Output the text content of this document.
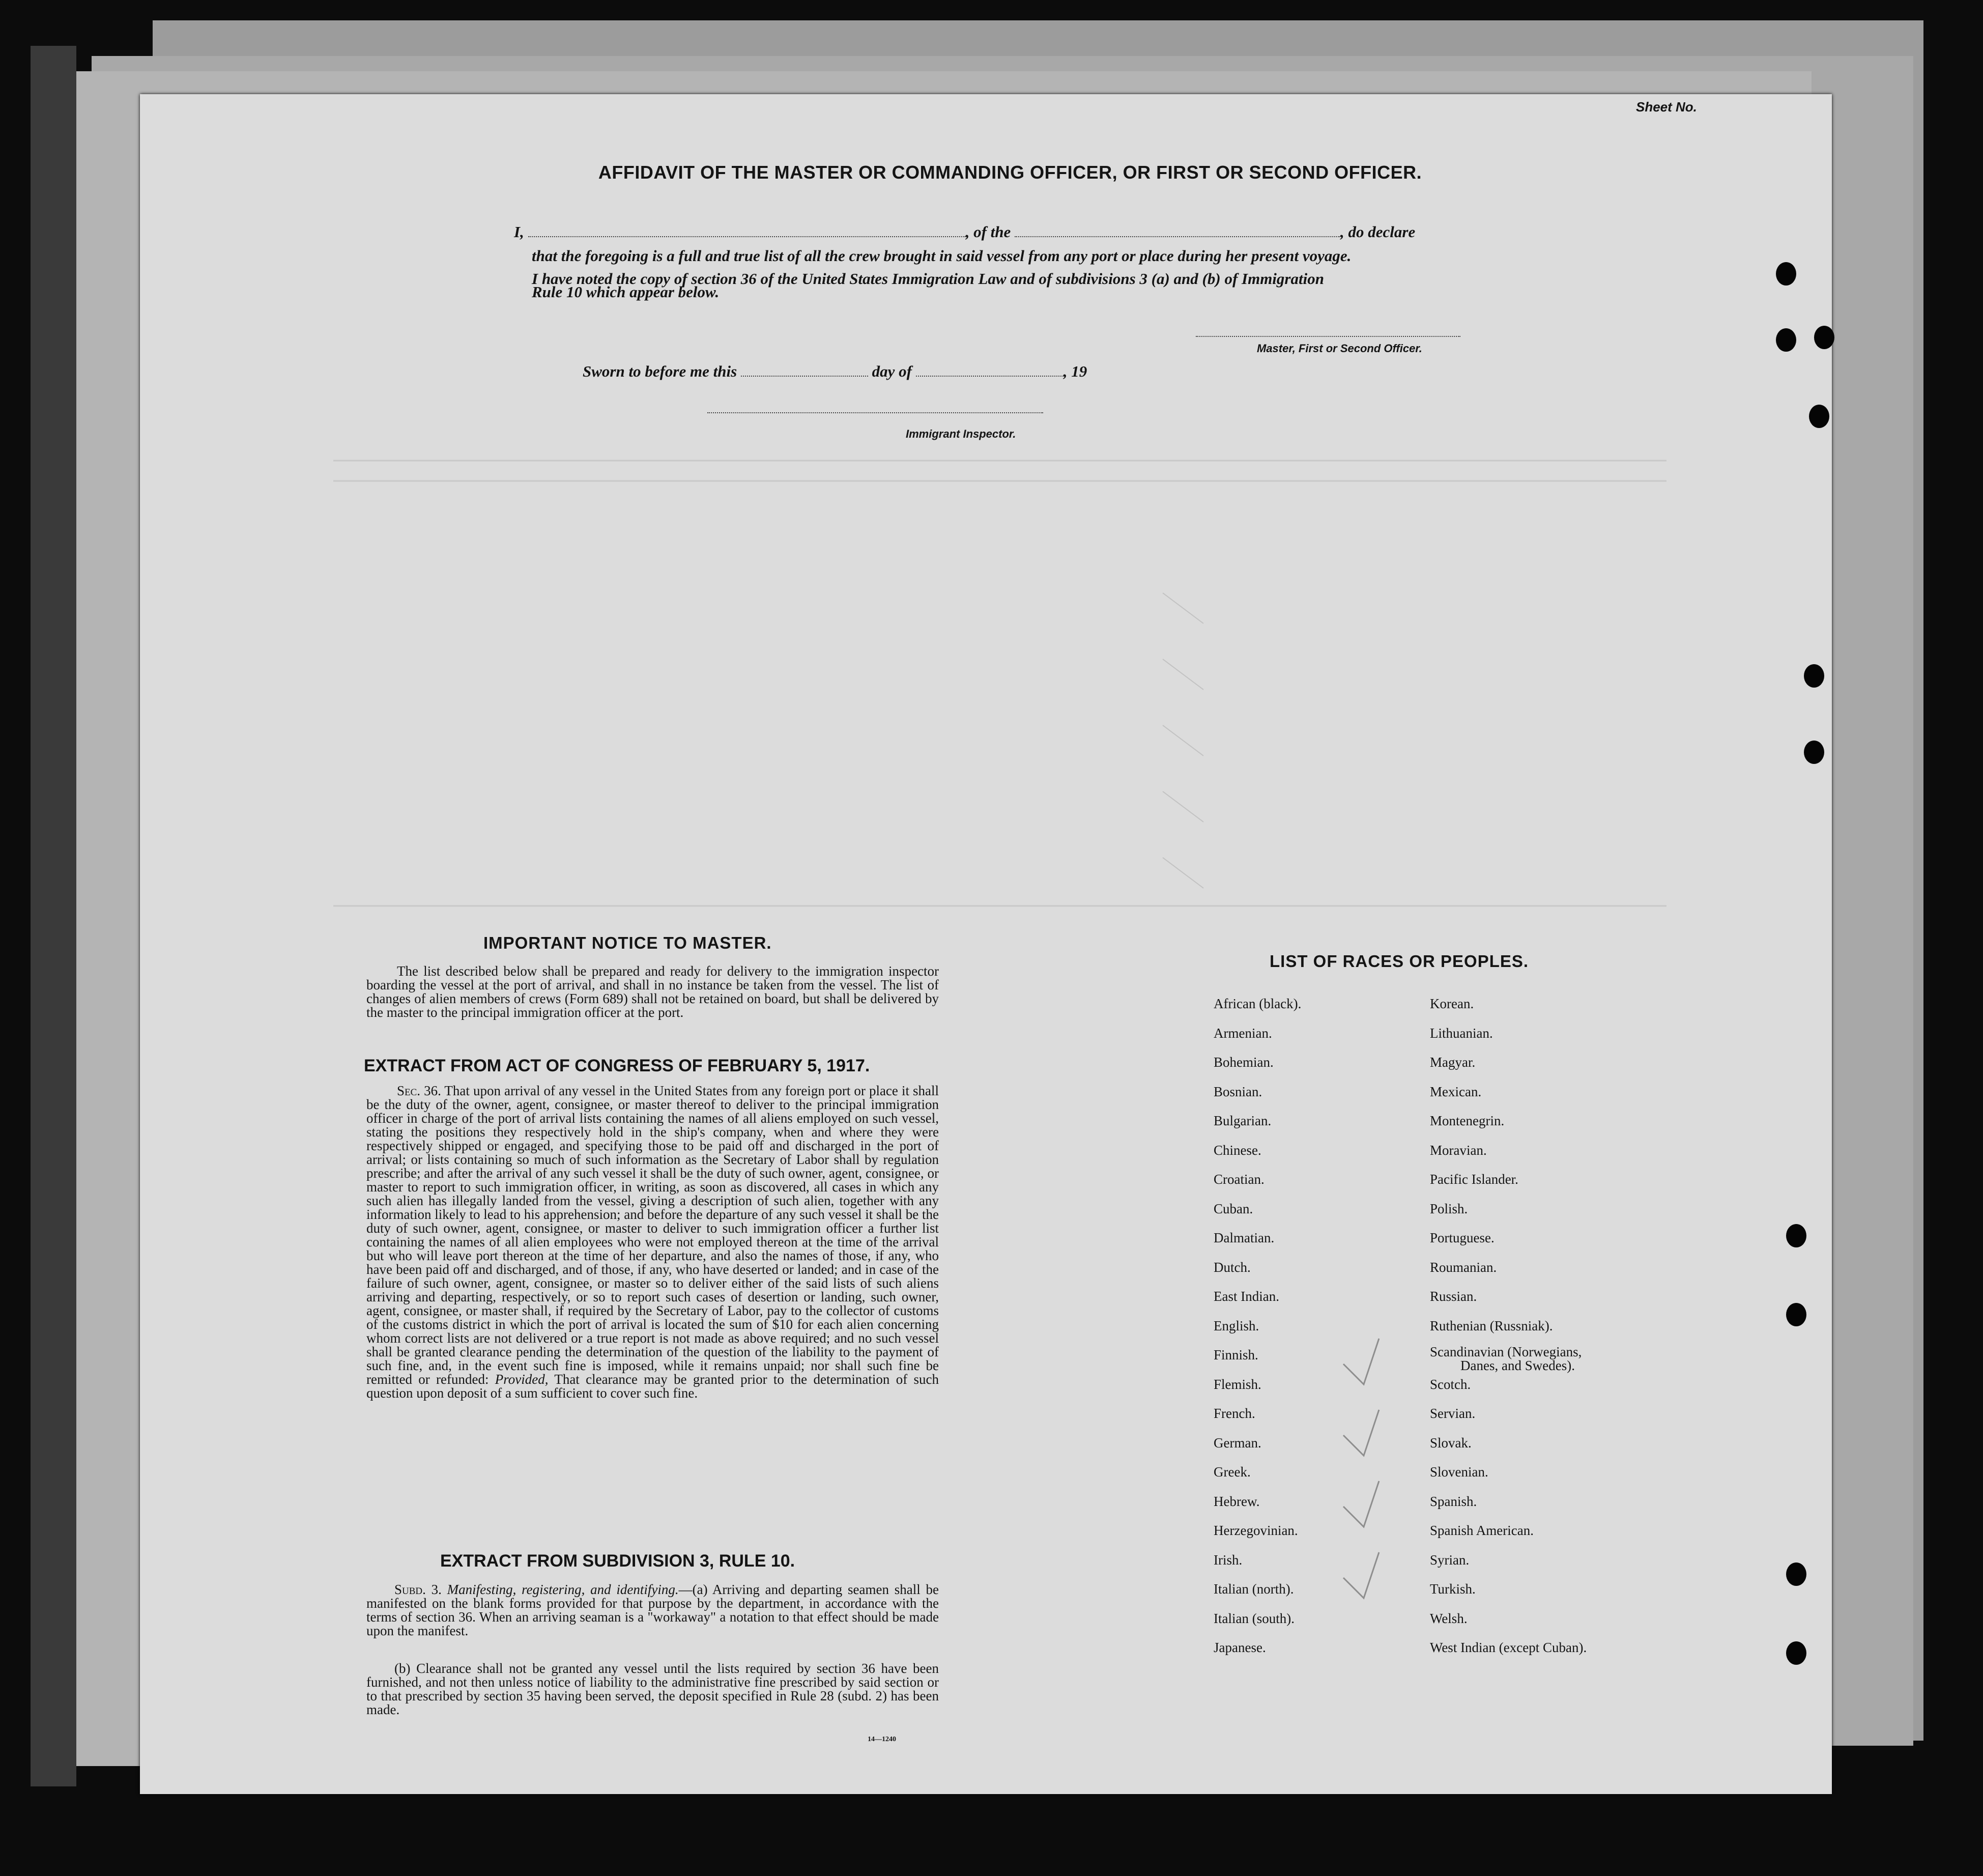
Sheet No.
AFFIDAVIT OF THE MASTER OR COMMANDING OFFICER, OR FIRST OR SECOND OFFICER.
I,	, of the	, do declare
that the foregoing is a full and true list of all the crew brought in said vessel from any port or place during her present voyage.
I have noted the copy of section 36 of the United States Immigration Law and of subdivisions 3 (a) and (b) of Immigration
Rule 10 which appear below.
Master, First or Second Officer.
Sworn to before me this	day of	, 19
Immigrant Inspector.
IMPORTANT NOTICE TO MASTER.
The list described below shall be prepared and ready for delivery to the immigration inspector boarding the vessel at the port of arrival, and shall in no instance be taken from the vessel. The list of changes of alien members of crews (Form 689) shall not be retained on board, but shall be delivered by the master to the principal immigration officer at the port.
EXTRACT FROM ACT OF CONGRESS OF FEBRUARY 5, 1917.
Sec. 36. That upon arrival of any vessel in the United States from any foreign port or place it shall be the duty of the owner, agent, consignee, or master thereof to deliver to the principal immigration officer in charge of the port of arrival lists containing the names of all aliens employed on such vessel, stating the positions they respectively hold in the ship's company, when and where they were respectively shipped or engaged, and specifying those to be paid off and discharged in the port of arrival; or lists containing so much of such information as the Secretary of Labor shall by regulation prescribe; and after the arrival of any such vessel it shall be the duty of such owner, agent, consignee, or master to report to such immigration officer, in writing, as soon as discovered, all cases in which any such alien has illegally landed from the vessel, giving a description of such alien, together with any information likely to lead to his apprehension; and before the departure of any such vessel it shall be the duty of such owner, agent, consignee, or master to deliver to such immigration officer a further list containing the names of all alien employees who were not employed thereon at the time of the arrival but who will leave port thereon at the time of her departure, and also the names of those, if any, who have been paid off and discharged, and of those, if any, who have deserted or landed; and in case of the failure of such owner, agent, consignee, or master so to deliver either of the said lists of such aliens arriving and departing, respectively, or so to report such cases of desertion or landing, such owner, agent, consignee, or master shall, if required by the Secretary of Labor, pay to the collector of customs of the customs district in which the port of arrival is located the sum of $10 for each alien concerning whom correct lists are not delivered or a true report is not made as above required; and no such vessel shall be granted clearance pending the determination of the question of the liability to the payment of such fine, and, in the event such fine is imposed, while it remains unpaid; nor shall such fine be remitted or refunded: Provided, That clearance may be granted prior to the determination of such question upon deposit of a sum sufficient to cover such fine.
EXTRACT FROM SUBDIVISION 3, RULE 10.
Subd. 3. Manifesting, registering, and identifying.—(a) Arriving and departing seamen shall be manifested on the blank forms provided for that purpose by the department, in accordance with the terms of section 36. When an arriving seaman is a "workaway" a notation to that effect should be made upon the manifest.
(b) Clearance shall not be granted any vessel until the lists required by section 36 have been furnished, and not then unless notice of liability to the administrative fine prescribed by said section or to that prescribed by section 35 having been served, the deposit specified in Rule 28 (subd. 2) has been made.
14—1240
LIST OF RACES OR PEOPLES.
African (black).
Armenian.
Bohemian.
Bosnian.
Bulgarian.
Chinese.
Croatian.
Cuban.
Dalmatian.
Dutch.
East Indian.
English.
Finnish.
Flemish.
French.
German.
Greek.
Hebrew.
Herzegovinian.
Irish.
Italian (north).
Italian (south).
Japanese.
Korean.
Lithuanian.
Magyar.
Mexican.
Montenegrin.
Moravian.
Pacific Islander.
Polish.
Portuguese.
Roumanian.
Russian.
Ruthenian (Russniak).
Scandinavian (Norwegians,
Danes, and Swedes).
Scotch.
Servian.
Slovak.
Slovenian.
Spanish.
Spanish American.
Syrian.
Turkish.
Welsh.
West Indian (except Cuban).
